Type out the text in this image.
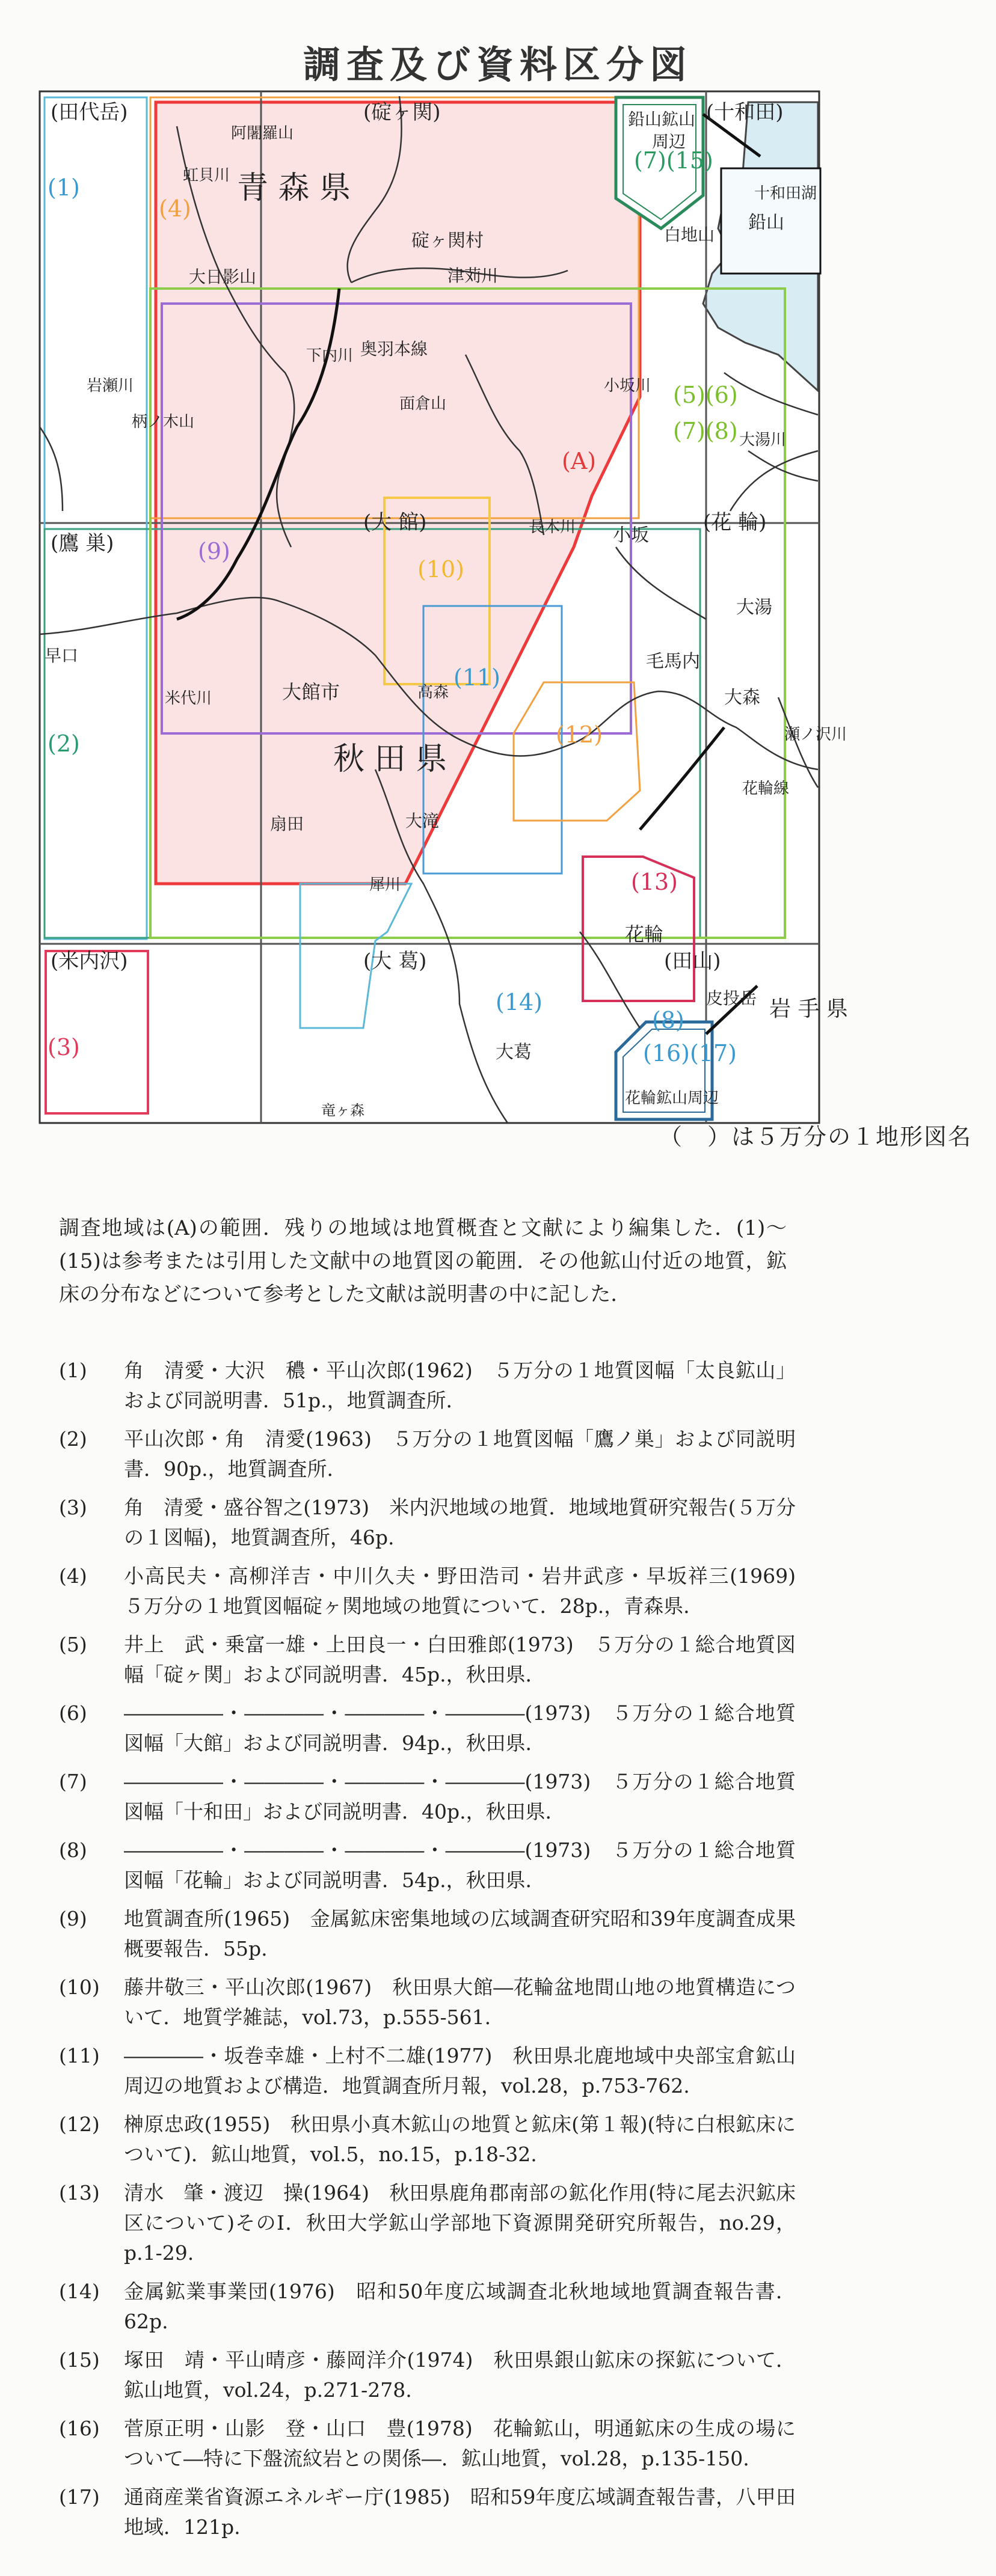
調査及び資料区分図
(田代岳)	(碇ヶ関)	(十和田)
(鷹 巣)
(大 館)	(花 輪)
(米内沢)	(大 葛)	(田山)
鉛山鉱山
周辺
花輪鉱山周辺
鉛山
(1)
(2)
(3)
(4)
(5)(6)
(7)(8)
(7)(15)
(8)
(16)(17)
(9)
(10)
(11)
(12)
(13)
(14)
(A)
青 森 県
秋 田 県
岩 手 県
阿闍羅山
碇ヶ関村
大日影山	津苅川
虹貝川
岩瀬川
早口
米代川	大館市	高森
扇田	大滝
犀川
大葛
竜ヶ森
花輪
毛馬内
小坂
小坂川
長木川
下内川 奥羽本線
花輪線
大湯
大湯川
大森
瀬ノ沢川
皮投岳
白地山
十和田湖
面倉山
柄ノ木山
（　）は５万分の１地形図名

調査地域は(A)の範囲．残りの地域は地質概査と文献により編集した．(1)～(15)は参考または引用した文献中の地質図の範囲．その他鉱山付近の地質，鉱床の分布などについて参考とした文献は説明書の中に記した．

(1) 角　清愛・大沢　穠・平山次郎(1962)　５万分の１地質図幅「太良鉱山」および同説明書．51p.，地質調査所．
(2) 平山次郎・角　清愛(1963)　５万分の１地質図幅「鷹ノ巣」および同説明書．90p.，地質調査所．
(3) 角　清愛・盛谷智之(1973)　米内沢地域の地質．地域地質研究報告(５万分の１図幅)，地質調査所，46p.
(4) 小高民夫・高柳洋吉・中川久夫・野田浩司・岩井武彦・早坂祥三(1969)　５万分の１地質図幅碇ヶ関地域の地質について．28p.，青森県．
(5) 井上　武・乗富一雄・上田良一・白田雅郎(1973)　５万分の１総合地質図幅「碇ヶ関」および同説明書．45p.，秋田県．
(6) ―――――・――――・――――・――――(1973)　５万分の１総合地質図幅「大館」および同説明書．94p.，秋田県．
(7) ―――――・――――・――――・――――(1973)　５万分の１総合地質図幅「十和田」および同説明書．40p.，秋田県．
(8) ―――――・――――・――――・――――(1973)　５万分の１総合地質図幅「花輪」および同説明書．54p.，秋田県．
(9) 地質調査所(1965)　金属鉱床密集地域の広域調査研究昭和39年度調査成果概要報告．55p.
(10) 藤井敬三・平山次郎(1967)　秋田県大館―花輪盆地間山地の地質構造について．地質学雑誌，vol.73，p.555-561.
(11) ――――・坂巻幸雄・上村不二雄(1977)　秋田県北鹿地域中央部宝倉鉱山周辺の地質および構造．地質調査所月報，vol.28，p.753-762.
(12) 榊原忠政(1955)　秋田県小真木鉱山の地質と鉱床(第１報)(特に白根鉱床について)．鉱山地質，vol.5，no.15，p.18-32.
(13) 清水　肇・渡辺　操(1964)　秋田県鹿角郡南部の鉱化作用(特に尾去沢鉱床区について)そのⅠ．秋田大学鉱山学部地下資源開発研究所報告，no.29，p.1-29.
(14) 金属鉱業事業団(1976)　昭和50年度広域調査北秋地域地質調査報告書．62p.
(15) 塚田　靖・平山晴彦・藤岡洋介(1974)　秋田県銀山鉱床の探鉱について．鉱山地質，vol.24，p.271-278.
(16) 菅原正明・山影　登・山口　豊(1978)　花輪鉱山，明通鉱床の生成の場について―特に下盤流紋岩との関係―．鉱山地質，vol.28，p.135-150.
(17) 通商産業省資源エネルギー庁(1985)　昭和59年度広域調査報告書，八甲田地域．121p.
